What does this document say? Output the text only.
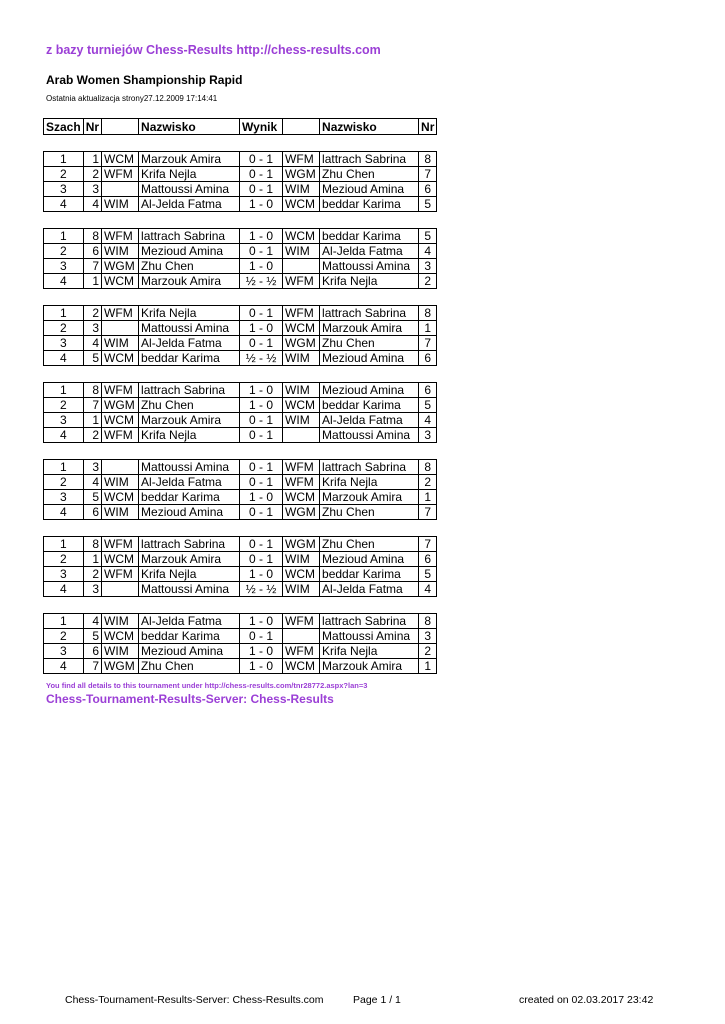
z bazy turniejów Chess-Results http://chess-results.com
Arab Women Shampionship Rapid
Ostatnia aktualizacja strony27.12.2009 17:14:41
Szach	Nr		Nazwisko	Wynik		Nazwisko	Nr

1	1	WCM	Marzouk Amira	0 - 1	WFM	lattrach Sabrina	8
2	2	WFM	Krifa Nejla	0 - 1	WGM	Zhu Chen	7
3	3		Mattoussi Amina	0 - 1	WIM	Mezioud Amina	6
4	4	WIM	Al-Jelda Fatma	1 - 0	WCM	beddar Karima	5

1	8	WFM	lattrach Sabrina	1 - 0	WCM	beddar Karima	5
2	6	WIM	Mezioud Amina	0 - 1	WIM	Al-Jelda Fatma	4
3	7	WGM	Zhu Chen	1 - 0		Mattoussi Amina	3
4	1	WCM	Marzouk Amira	½ - ½	WFM	Krifa Nejla	2

1	2	WFM	Krifa Nejla	0 - 1	WFM	lattrach Sabrina	8
2	3		Mattoussi Amina	1 - 0	WCM	Marzouk Amira	1
3	4	WIM	Al-Jelda Fatma	0 - 1	WGM	Zhu Chen	7
4	5	WCM	beddar Karima	½ - ½	WIM	Mezioud Amina	6

1	8	WFM	lattrach Sabrina	1 - 0	WIM	Mezioud Amina	6
2	7	WGM	Zhu Chen	1 - 0	WCM	beddar Karima	5
3	1	WCM	Marzouk Amira	0 - 1	WIM	Al-Jelda Fatma	4
4	2	WFM	Krifa Nejla	0 - 1		Mattoussi Amina	3

1	3		Mattoussi Amina	0 - 1	WFM	lattrach Sabrina	8
2	4	WIM	Al-Jelda Fatma	0 - 1	WFM	Krifa Nejla	2
3	5	WCM	beddar Karima	1 - 0	WCM	Marzouk Amira	1
4	6	WIM	Mezioud Amina	0 - 1	WGM	Zhu Chen	7

1	8	WFM	lattrach Sabrina	0 - 1	WGM	Zhu Chen	7
2	1	WCM	Marzouk Amira	0 - 1	WIM	Mezioud Amina	6
3	2	WFM	Krifa Nejla	1 - 0	WCM	beddar Karima	5
4	3		Mattoussi Amina	½ - ½	WIM	Al-Jelda Fatma	4

1	4	WIM	Al-Jelda Fatma	1 - 0	WFM	lattrach Sabrina	8
2	5	WCM	beddar Karima	0 - 1		Mattoussi Amina	3
3	6	WIM	Mezioud Amina	1 - 0	WFM	Krifa Nejla	2
4	7	WGM	Zhu Chen	1 - 0	WCM	Marzouk Amira	1
You find all details to this tournament under http://chess-results.com/tnr28772.aspx?lan=3
Chess-Tournament-Results-Server: Chess-Results
Chess-Tournament-Results-Server: Chess-Results.com	Page 1 / 1	created on 02.03.2017 23:42
